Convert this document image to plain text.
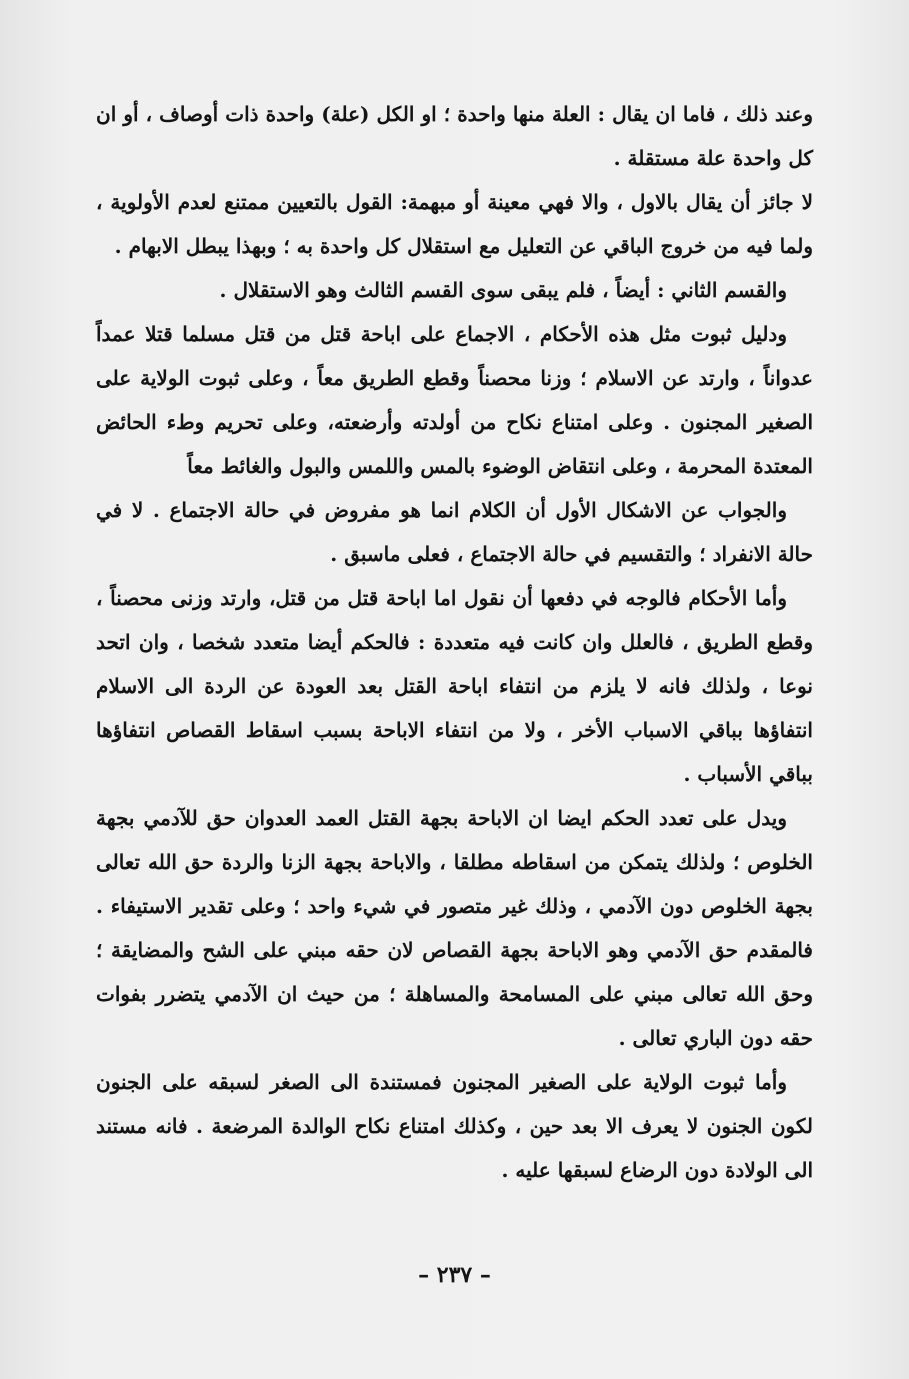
وعند ذلك ، فاما ان يقال : العلة منها واحدة ؛ او الكل (علة) واحدة ذات أوصاف ، أو ان كل واحدة علة مستقلة .

لا جائز أن يقال بالاول ، والا فهي معينة أو مبهمة: القول بالتعيين ممتنع لعدم الأولوية ، ولما فيه من خروج الباقي عن التعليل مع استقلال كل واحدة به ؛ وبهذا يبطل الابهام .

والقسم الثاني : أيضاً ، فلم يبقى سوى القسم الثالث وهو الاستقلال .

ودليل ثبوت مثل هذه الأحكام ، الاجماع على اباحة قتل من قتل مسلما قتلا عمداً عدواناً ، وارتد عن الاسلام ؛ وزنا محصناً وقطع الطريق معاً ، وعلى ثبوت الولاية على الصغير المجنون . وعلى امتناع نكاح من أولدته وأرضعته، وعلى تحريم وطء الحائض المعتدة المحرمة ، وعلى انتقاض الوضوء بالمس واللمس والبول والغائط معاً

والجواب عن الاشكال الأول أن الكلام انما هو مفروض في حالة الاجتماع . لا في حالة الانفراد ؛ والتقسيم في حالة الاجتماع ، فعلى ماسبق .

وأما الأحكام فالوجه في دفعها أن نقول اما اباحة قتل من قتل، وارتد وزنى محصناً ، وقطع الطريق ، فالعلل وان كانت فيه متعددة : فالحكم أيضا متعدد شخصا ، وان اتحد نوعا ، ولذلك فانه لا يلزم من انتفاء اباحة القتل بعد العودة عن الردة الى الاسلام انتفاؤها بباقي الاسباب الأخر ، ولا من انتفاء الاباحة بسبب اسقاط القصاص انتفاؤها بباقي الأسباب .

ويدل على تعدد الحكم ايضا ان الاباحة بجهة القتل العمد العدوان حق للآدمي بجهة الخلوص ؛ ولذلك يتمكن من اسقاطه مطلقا ، والاباحة بجهة الزنا والردة حق الله تعالى بجهة الخلوص دون الآدمي ، وذلك غير متصور في شيء واحد ؛ وعلى تقدير الاستيفاء . فالمقدم حق الآدمي وهو الاباحة بجهة القصاص لان حقه مبني على الشح والمضايقة ؛ وحق الله تعالى مبني على المسامحة والمساهلة ؛ من حيث ان الآدمي يتضرر بفوات حقه دون الباري تعالى .

وأما ثبوت الولاية على الصغير المجنون فمستندة الى الصغر لسبقه على الجنون لكون الجنون لا يعرف الا بعد حين ، وكذلك امتناع نكاح الوالدة المرضعة . فانه مستند الى الولادة دون الرضاع لسبقها عليه .

– ٢٣٧ –
